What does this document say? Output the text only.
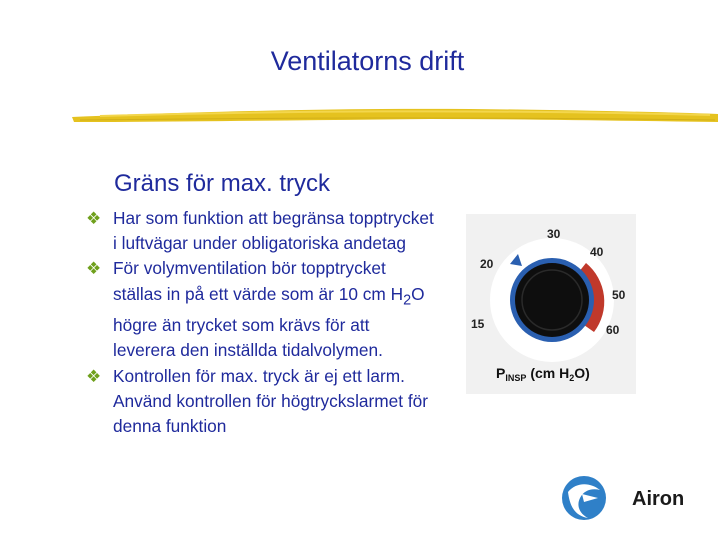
Ventilatorns drift
Gräns för max. tryck
❖ Har som funktion att begränsa topptrycket i luftvägar under obligatoriska andetag
❖ För volymventilation bör topptrycket ställas in på ett värde som är 10 cm $H_2O$ högre än trycket som krävs för att leverera den inställda tidalvolymen.
❖ Kontrollen för max. tryck är ej ett larm. Använd kontrollen för högtryckslarmet för denna funktion
15
20
30
40
50
60
$P_{INSP}$ (cm $H_2O$)
Airon
